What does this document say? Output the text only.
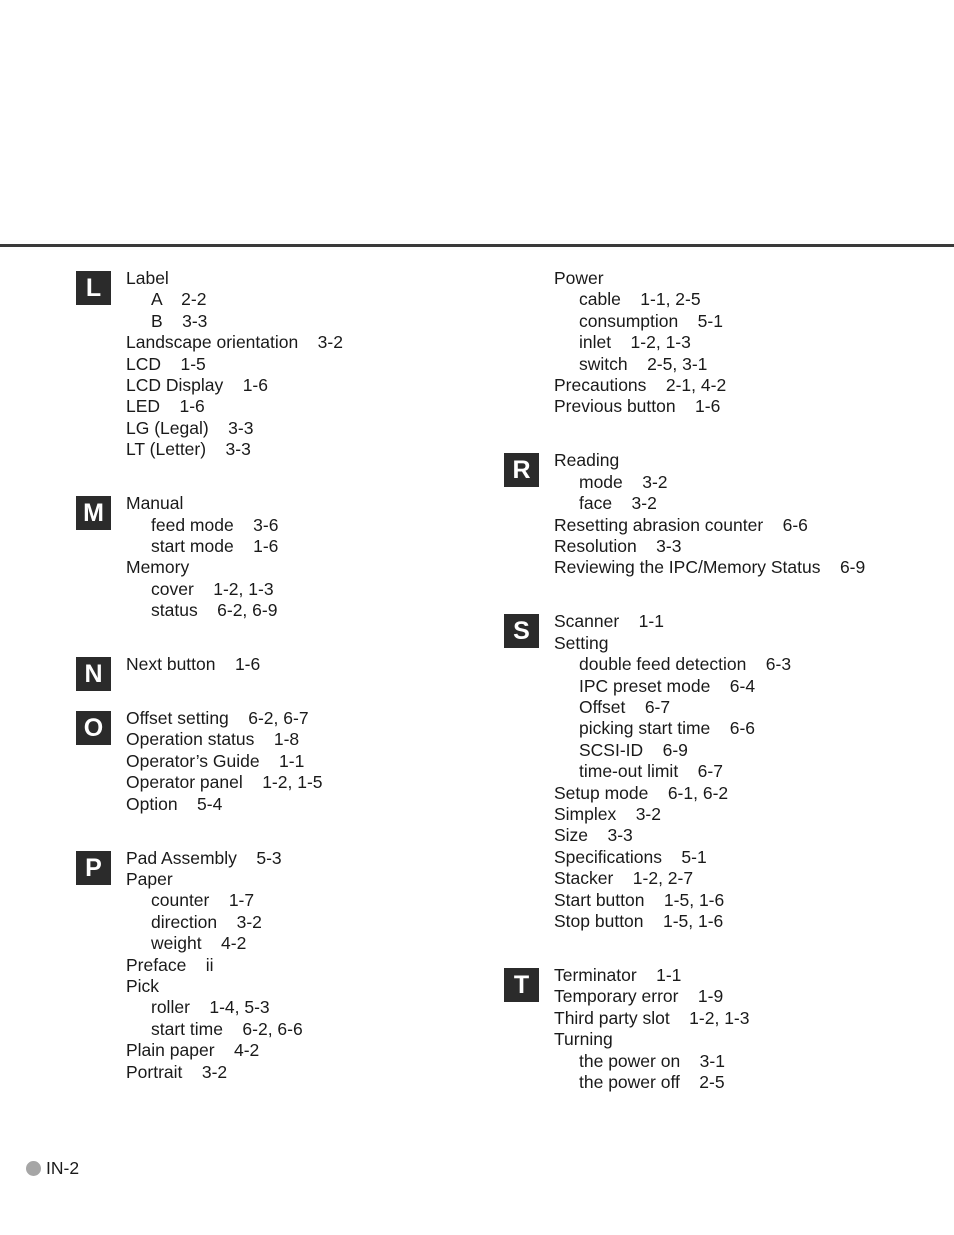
L	Label
A    2-2
B    3-3
Landscape orientation    3-2
LCD    1-5
LCD Display    1-6
LED    1-6
LG (Legal)    3-3
LT (Letter)    3-3
M	Manual
feed mode    3-6
start mode    1-6
Memory
cover    1-2, 1-3
status    6-2, 6-9
N	Next button    1-6
O	Offset setting    6-2, 6-7
Operation status    1-8
Operator’s Guide    1-1
Operator panel    1-2, 1-5
Option    5-4
P	Pad Assembly    5-3
Paper
counter    1-7
direction    3-2
weight    4-2
Preface    ii
Pick
roller    1-4, 5-3
start time    6-2, 6-6
Plain paper    4-2
Portrait    3-2
Power
cable    1-1, 2-5
consumption    5-1
inlet    1-2, 1-3
switch    2-5, 3-1
Precautions    2-1, 4-2
Previous button    1-6
R	Reading
mode    3-2
face    3-2
Resetting abrasion counter    6-6
Resolution    3-3
Reviewing the IPC/Memory Status    6-9
S	Scanner    1-1
Setting
double feed detection    6-3
IPC preset mode    6-4
Offset    6-7
picking start time    6-6
SCSI-ID    6-9
time-out limit    6-7
Setup mode    6-1, 6-2
Simplex    3-2
Size    3-3
Specifications    5-1
Stacker    1-2, 2-7
Start button    1-5, 1-6
Stop button    1-5, 1-6
T	Terminator    1-1
Temporary error    1-9
Third party slot    1-2, 1-3
Turning
the power on    3-1
the power off    2-5
IN-2
